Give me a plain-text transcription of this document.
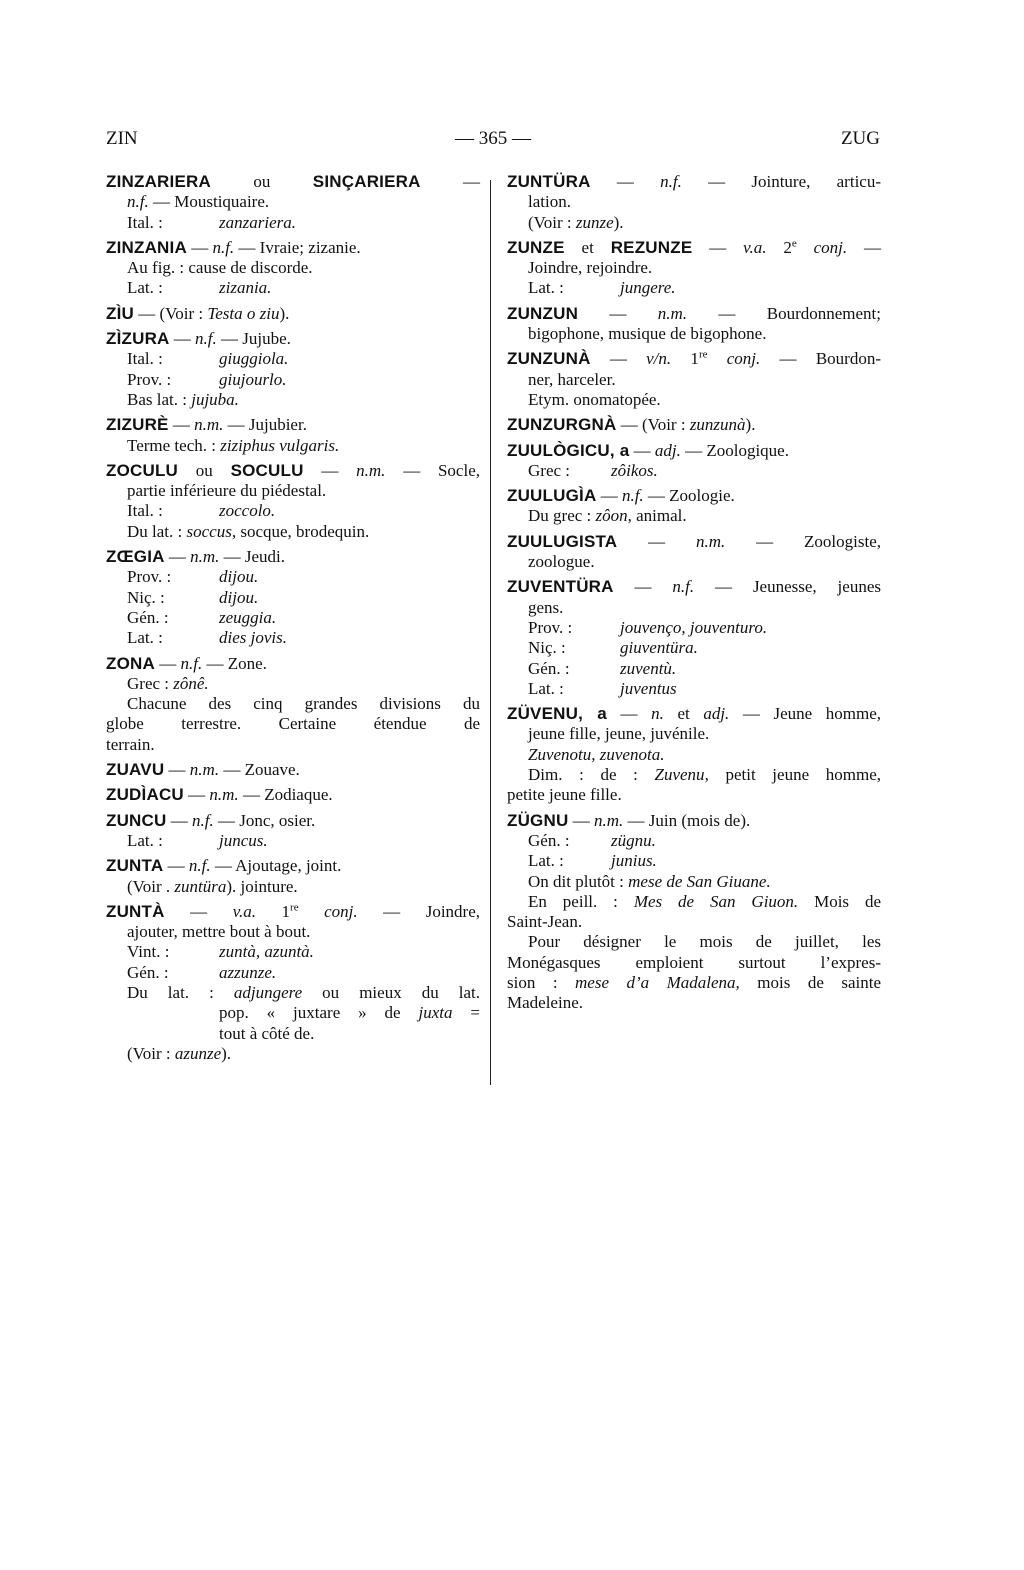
ZIN	— 365 —	ZUG
ZINZARIERA ou SINÇARIERA —
n.f. — Moustiquaire.
Ital. :	zanzariera.
ZINZANIA — n.f. — Ivraie; zizanie.
Au fig. : cause de discorde.
Lat. :	zizania.
ZÌU — (Voir : Testa o ziu).
ZÌZURA — n.f. — Jujube.
Ital. :	giuggiola.
Prov. :	giujourlo.
Bas lat. : jujuba.
ZIZURÈ — n.m. — Jujubier.
Terme tech. : ziziphus vulgaris.
ZOCULU ou SOCULU — n.m. — Socle,
partie inférieure du piédestal.
Ital. :	zoccolo.
Du lat. : soccus, socque, brodequin.
ZŒGIA — n.m. — Jeudi.
Prov. :	dijou.
Niç. :	dijou.
Gén. :	zeuggia.
Lat. :	dies jovis.
ZONA — n.f. — Zone.
Grec : zônê.
Chacune des cinq grandes divisions du
globe terrestre. Certaine étendue de
terrain.
ZUAVU — n.m. — Zouave.
ZUDÌACU — n.m. — Zodiaque.
ZUNCU — n.f. — Jonc, osier.
Lat. :	juncus.
ZUNTA — n.f. — Ajoutage, joint.
(Voir . zuntüra). jointure.
ZUNTÀ — v.a. 1re conj. — Joindre,
ajouter, mettre bout à bout.
Vint. :	zuntà, azuntà.
Gén. :	azzunze.
Du lat. : adjungere ou mieux du lat.
pop. « juxtare » de juxta =
tout à côté de.
(Voir : azunze).
ZUNTÜRA — n.f. — Jointure, articu-
lation.
(Voir : zunze).
ZUNZE et REZUNZE — v.a. 2e conj. —
Joindre, rejoindre.
Lat. :	jungere.
ZUNZUN — n.m. — Bourdonnement;
bigophone, musique de bigophone.
ZUNZUNÀ — v/n. 1re conj. — Bourdon-
ner, harceler.
Etym. onomatopée.
ZUNZURGNÀ — (Voir : zunzunà).
ZUULÒGICU, a — adj. — Zoologique.
Grec : zôikos.
ZUULUGÌA — n.f. — Zoologie.
Du grec : zôon, animal.
ZUULUGISTA — n.m. — Zoologiste,
zoologue.
ZUVENTÜRA — n.f. — Jeunesse, jeunes
gens.
Prov. :	jouvenço, jouventuro.
Niç. :	giuventüra.
Gén. :	zuventù.
Lat. :	juventus
ZÜVENU, a — n. et adj. — Jeune homme,
jeune fille, jeune, juvénile.
Zuvenotu, zuvenota.
Dim. : de : Zuvenu, petit jeune homme,
petite jeune fille.
ZÜGNU — n.m. — Juin (mois de).
Gén. : zügnu.
Lat. :	junius.
On dit plutôt : mese de San Giuane.
En peill. : Mes de San Giuon. Mois de
Saint-Jean.
Pour désigner le mois de juillet, les
Monégasques emploient surtout l’expres-
sion : mese d’a Madalena, mois de sainte
Madeleine.
